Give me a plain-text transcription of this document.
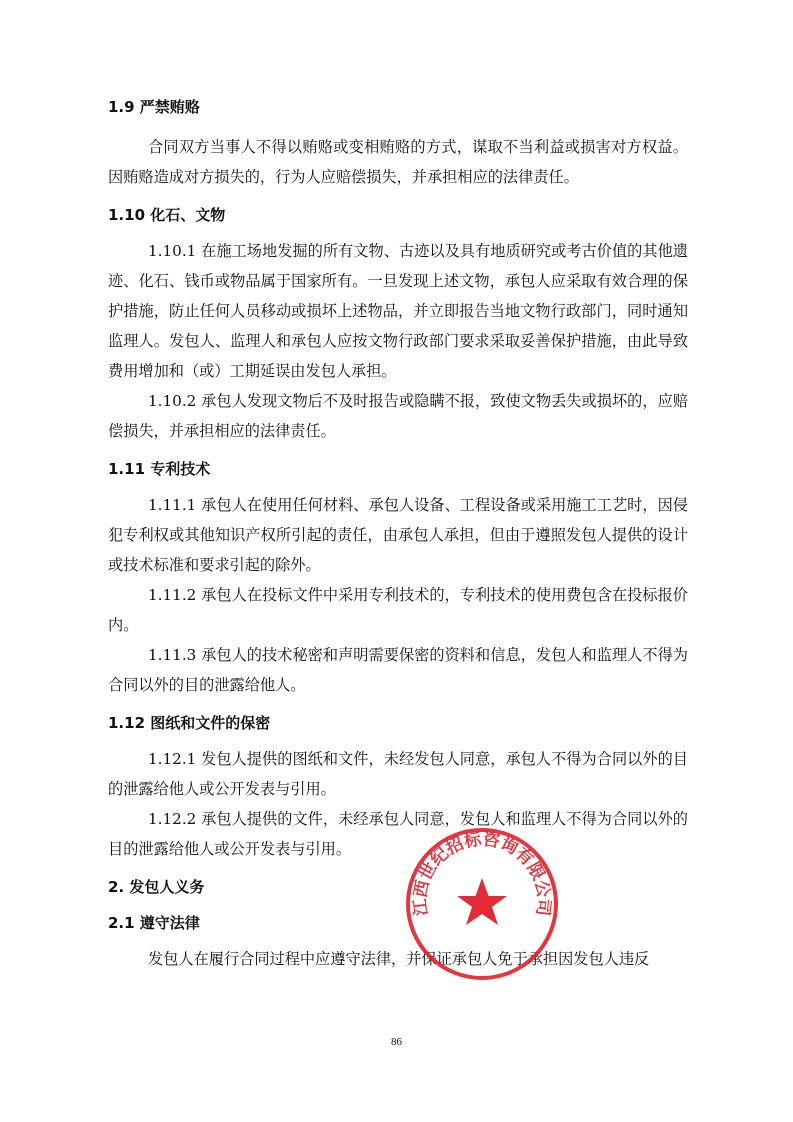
1.9 严禁贿赂

合同双方当事人不得以贿赂或变相贿赂的方式，谋取不当利益或损害对方权益。因贿赂造成对方损失的，行为人应赔偿损失，并承担相应的法律责任。

1.10 化石、文物

1.10.1 在施工场地发掘的所有文物、古迹以及具有地质研究或考古价值的其他遗迹、化石、钱币或物品属于国家所有。一旦发现上述文物，承包人应采取有效合理的保护措施，防止任何人员移动或损坏上述物品，并立即报告当地文物行政部门，同时通知监理人。发包人、监理人和承包人应按文物行政部门要求采取妥善保护措施，由此导致费用增加和（或）工期延误由发包人承担。

1.10.2 承包人发现文物后不及时报告或隐瞒不报，致使文物丢失或损坏的，应赔偿损失，并承担相应的法律责任。

1.11 专利技术

1.11.1 承包人在使用任何材料、承包人设备、工程设备或采用施工工艺时，因侵犯专利权或其他知识产权所引起的责任，由承包人承担，但由于遵照发包人提供的设计或技术标准和要求引起的除外。

1.11.2 承包人在投标文件中采用专利技术的，专利技术的使用费包含在投标报价内。

1.11.3 承包人的技术秘密和声明需要保密的资料和信息，发包人和监理人不得为合同以外的目的泄露给他人。

1.12 图纸和文件的保密

1.12.1 发包人提供的图纸和文件，未经发包人同意，承包人不得为合同以外的目的泄露给他人或公开发表与引用。

1.12.2 承包人提供的文件，未经承包人同意，发包人和监理人不得为合同以外的目的泄露给他人或公开发表与引用。

2. 发包人义务

2.1 遵守法律

发包人在履行合同过程中应遵守法律，并保证承包人免于承担因发包人违反

江西世纪招标咨询有限公司
86
